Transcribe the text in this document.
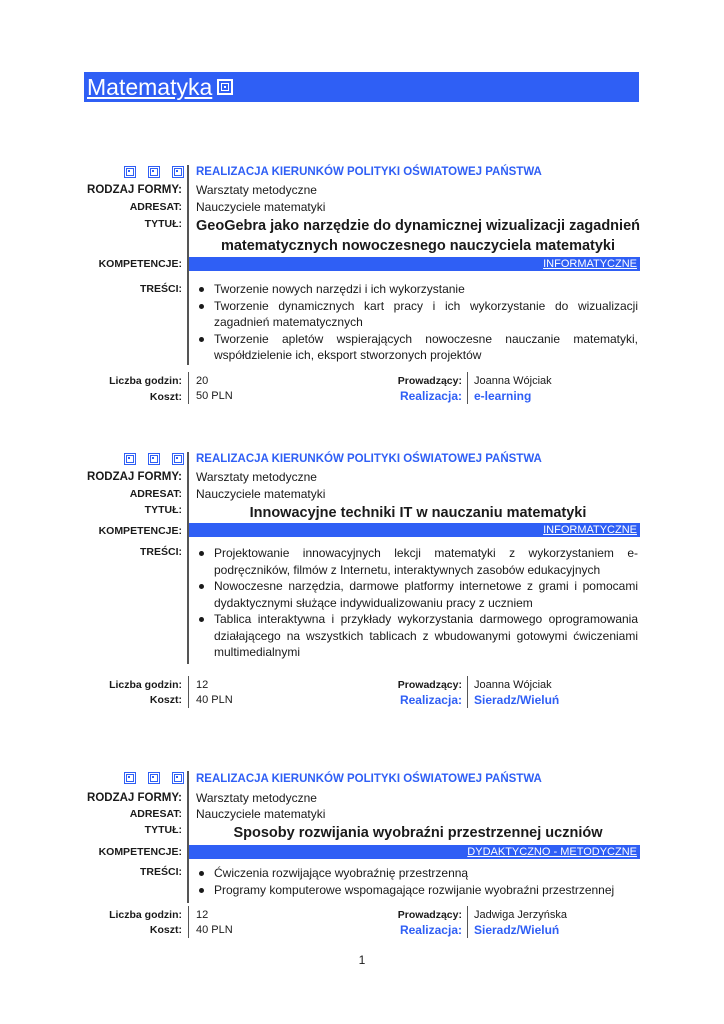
Matematyka
REALIZACJA KIERUNKÓW POLITYKI OŚWIATOWEJ PAŃSTWA
RODZAJ FORMY: Warsztaty metodyczne
ADRESAT: Nauczyciele matematyki
TYTUŁ: GeoGebra jako narzędzie do dynamicznej wizualizacji zagadnień
matematycznych nowoczesnego nauczyciela matematyki
KOMPETENCJE:	INFORMATYCZNE
TREŚCI:	Tworzenie nowych narzędzi i ich wykorzystanie
Tworzenie dynamicznych kart pracy i ich wykorzystanie do wizualizacji zagadnień matematycznych
Tworzenie apletów wspierających nowoczesne nauczanie matematyki, współdzielenie ich, eksport stworzonych projektów
Liczba godzin: 20
Koszt: 50 PLN
Prowadzący: Joanna Wójciak
Realizacja: e-learning
REALIZACJA KIERUNKÓW POLITYKI OŚWIATOWEJ PAŃSTWA
RODZAJ FORMY: Warsztaty metodyczne
ADRESAT: Nauczyciele matematyki
TYTUŁ:	Innowacyjne techniki IT w nauczaniu matematyki
KOMPETENCJE:	INFORMATYCZNE
TREŚCI:	Projektowanie innowacyjnych lekcji matematyki z wykorzystaniem e-podręczników, filmów z Internetu, interaktywnych zasobów edukacyjnych
Nowoczesne narzędzia, darmowe platformy internetowe z grami i pomocami dydaktycznymi służące indywidualizowaniu pracy z uczniem
Tablica interaktywna i przykłady wykorzystania darmowego oprogramowania działającego na wszystkich tablicach z wbudowanymi gotowymi ćwiczeniami multimedialnymi
Liczba godzin: 12
Koszt: 40 PLN
Prowadzący: Joanna Wójciak
Realizacja: Sieradz/Wieluń
REALIZACJA KIERUNKÓW POLITYKI OŚWIATOWEJ PAŃSTWA
RODZAJ FORMY: Warsztaty metodyczne
ADRESAT: Nauczyciele matematyki
TYTUŁ:	Sposoby rozwijania wyobraźni przestrzennej uczniów
KOMPETENCJE:	DYDAKTYCZNO - METODYCZNE
TREŚCI:	Ćwiczenia rozwijające wyobraźnię przestrzenną
Programy komputerowe wspomagające rozwijanie wyobraźni przestrzennej
Liczba godzin: 12
Koszt: 40 PLN
Prowadzący: Jadwiga Jerzyńska
Realizacja: Sieradz/Wieluń
1
